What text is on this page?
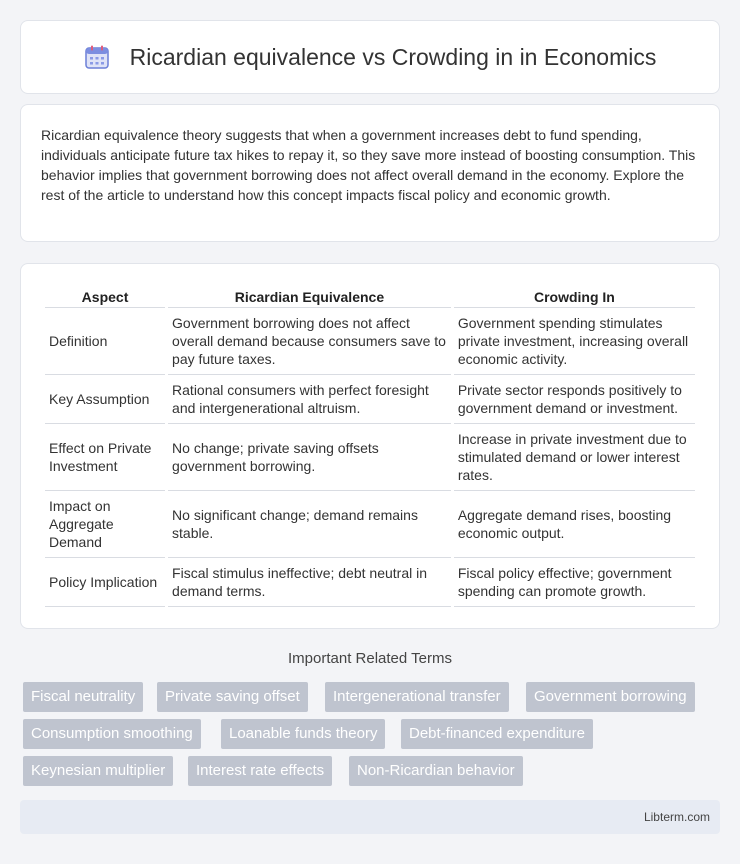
Ricardian equivalence vs Crowding in in Economics

Ricardian equivalence theory suggests that when a government increases debt to fund spending, individuals anticipate future tax hikes to repay it, so they save more instead of boosting consumption. This behavior implies that government borrowing does not affect overall demand in the economy. Explore the rest of the article to understand how this concept impacts fiscal policy and economic growth.

Aspect	Ricardian Equivalence	Crowding In
Definition	Government borrowing does not affect overall demand because consumers save to pay future taxes.	Government spending stimulates private investment, increasing overall economic activity.
Key Assumption	Rational consumers with perfect foresight and intergenerational altruism.	Private sector responds positively to government demand or investment.
Effect on Private Investment	No change; private saving offsets government borrowing.	Increase in private investment due to stimulated demand or lower interest rates.
Impact on Aggregate Demand	No significant change; demand remains stable.	Aggregate demand rises, boosting economic output.
Policy Implication	Fiscal stimulus ineffective; debt neutral in demand terms.	Fiscal policy effective; government spending can promote growth.
Important Related Terms
Fiscal neutrality	Private saving offset	Intergenerational transfer	Government borrowing
Consumption smoothing	Loanable funds theory	Debt-financed expenditure
Keynesian multiplier	Interest rate effects	Non-Ricardian behavior
Libterm.com
